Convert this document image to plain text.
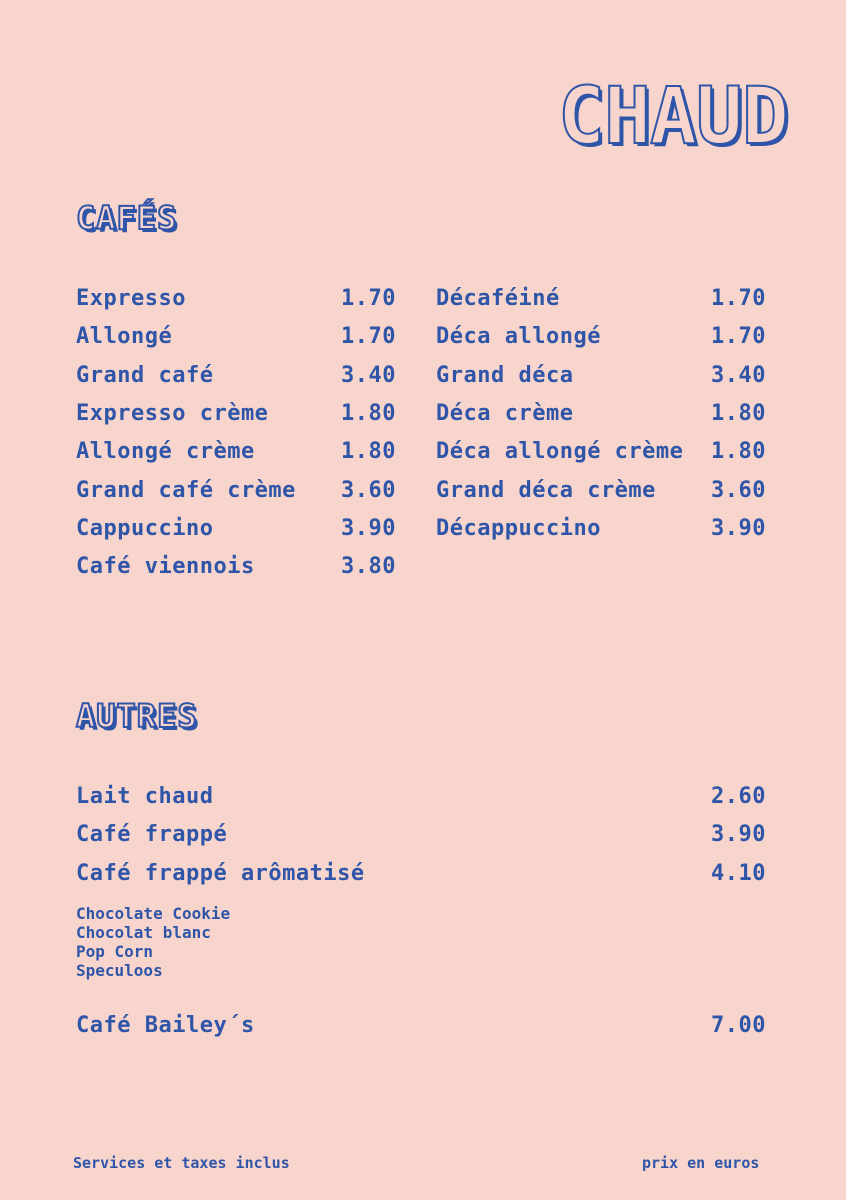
CHAUD
CAFÉS
Expresso	1.70 Décaféiné	1.70
Allongé	1.70 Déca allongé	1.70
Grand café	3.40 Grand déca	3.40
Expresso crème	1.80 Déca crème	1.80
Allongé crème	1.80 Déca allongé crème 1.80
Grand café crème 3.60 Grand déca crème	3.60
Cappuccino	3.90 Décappuccino	3.90
Café viennois	3.80
AUTRES
Lait chaud	2.60
Café frappé	3.90
Café frappé arômatisé	4.10
Chocolate Cookie
Chocolat blanc
Pop Corn
Speculoos
Café Bailey´s	7.00
Services et taxes inclus	prix en euros
